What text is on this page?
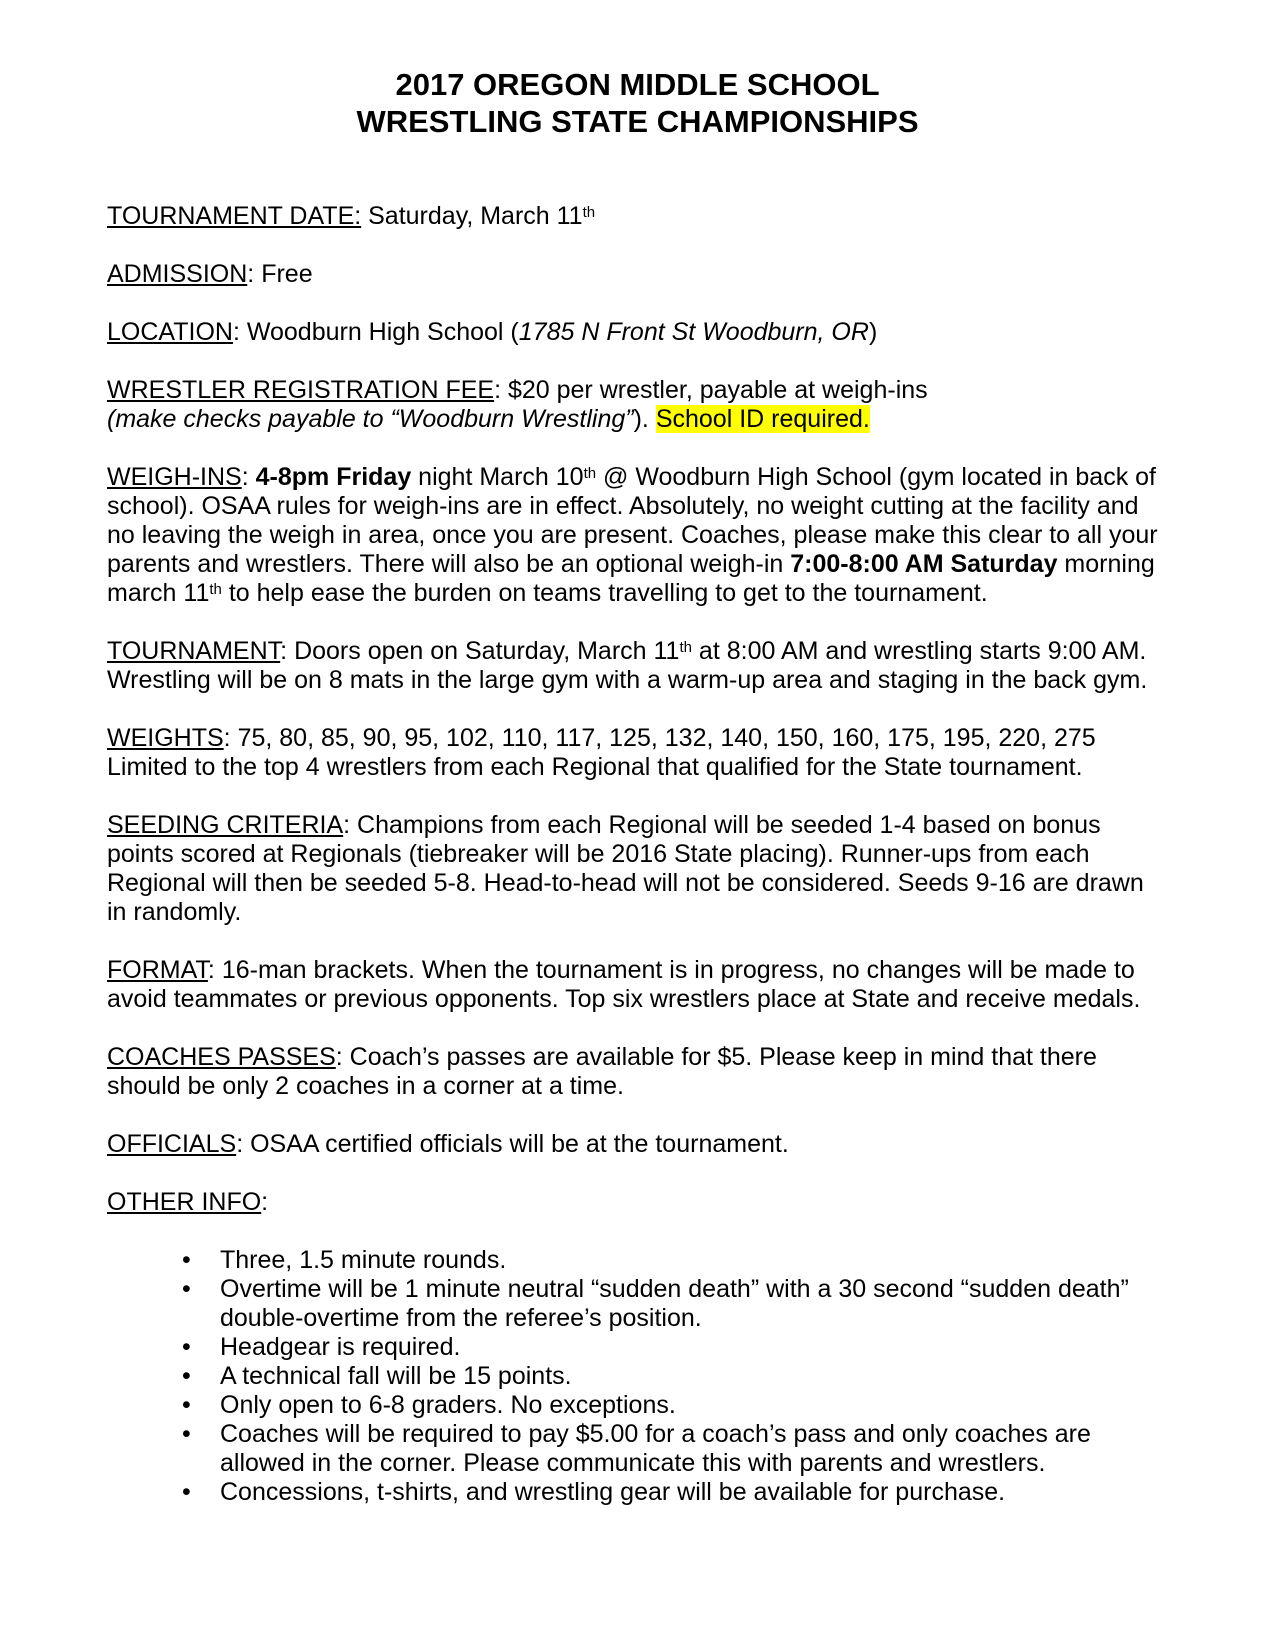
2017 OREGON MIDDLE SCHOOL
WRESTLING STATE CHAMPIONSHIPS

TOURNAMENT DATE: Saturday, March 11th

ADMISSION: Free

LOCATION: Woodburn High School (1785 N Front St Woodburn, OR)

WRESTLER REGISTRATION FEE: $20 per wrestler, payable at weigh-ins
(make checks payable to “Woodburn Wrestling”). School ID required.

WEIGH-INS: 4-8pm Friday night March 10th @ Woodburn High School (gym located in back of school). OSAA rules for weigh-ins are in effect. Absolutely, no weight cutting at the facility and no leaving the weigh in area, once you are present. Coaches, please make this clear to all your parents and wrestlers. There will also be an optional weigh-in 7:00-8:00 AM Saturday morning march 11th to help ease the burden on teams travelling to get to the tournament.

TOURNAMENT: Doors open on Saturday, March 11th at 8:00 AM and wrestling starts 9:00 AM. Wrestling will be on 8 mats in the large gym with a warm-up area and staging in the back gym.

WEIGHTS: 75, 80, 85, 90, 95, 102, 110, 117, 125, 132, 140, 150, 160, 175, 195, 220, 275
Limited to the top 4 wrestlers from each Regional that qualified for the State tournament.

SEEDING CRITERIA: Champions from each Regional will be seeded 1-4 based on bonus points scored at Regionals (tiebreaker will be 2016 State placing). Runner-ups from each Regional will then be seeded 5-8. Head-to-head will not be considered. Seeds 9-16 are drawn in randomly.

FORMAT: 16-man brackets. When the tournament is in progress, no changes will be made to avoid teammates or previous opponents. Top six wrestlers place at State and receive medals.

COACHES PASSES: Coach’s passes are available for $5. Please keep in mind that there should be only 2 coaches in a corner at a time.

OFFICIALS: OSAA certified officials will be at the tournament.

OTHER INFO:

• Three, 1.5 minute rounds.
• Overtime will be 1 minute neutral “sudden death” with a 30 second “sudden death” double-overtime from the referee’s position.
• Headgear is required.
• A technical fall will be 15 points.
• Only open to 6-8 graders. No exceptions.
• Coaches will be required to pay $5.00 for a coach’s pass and only coaches are allowed in the corner. Please communicate this with parents and wrestlers.
• Concessions, t-shirts, and wrestling gear will be available for purchase.
